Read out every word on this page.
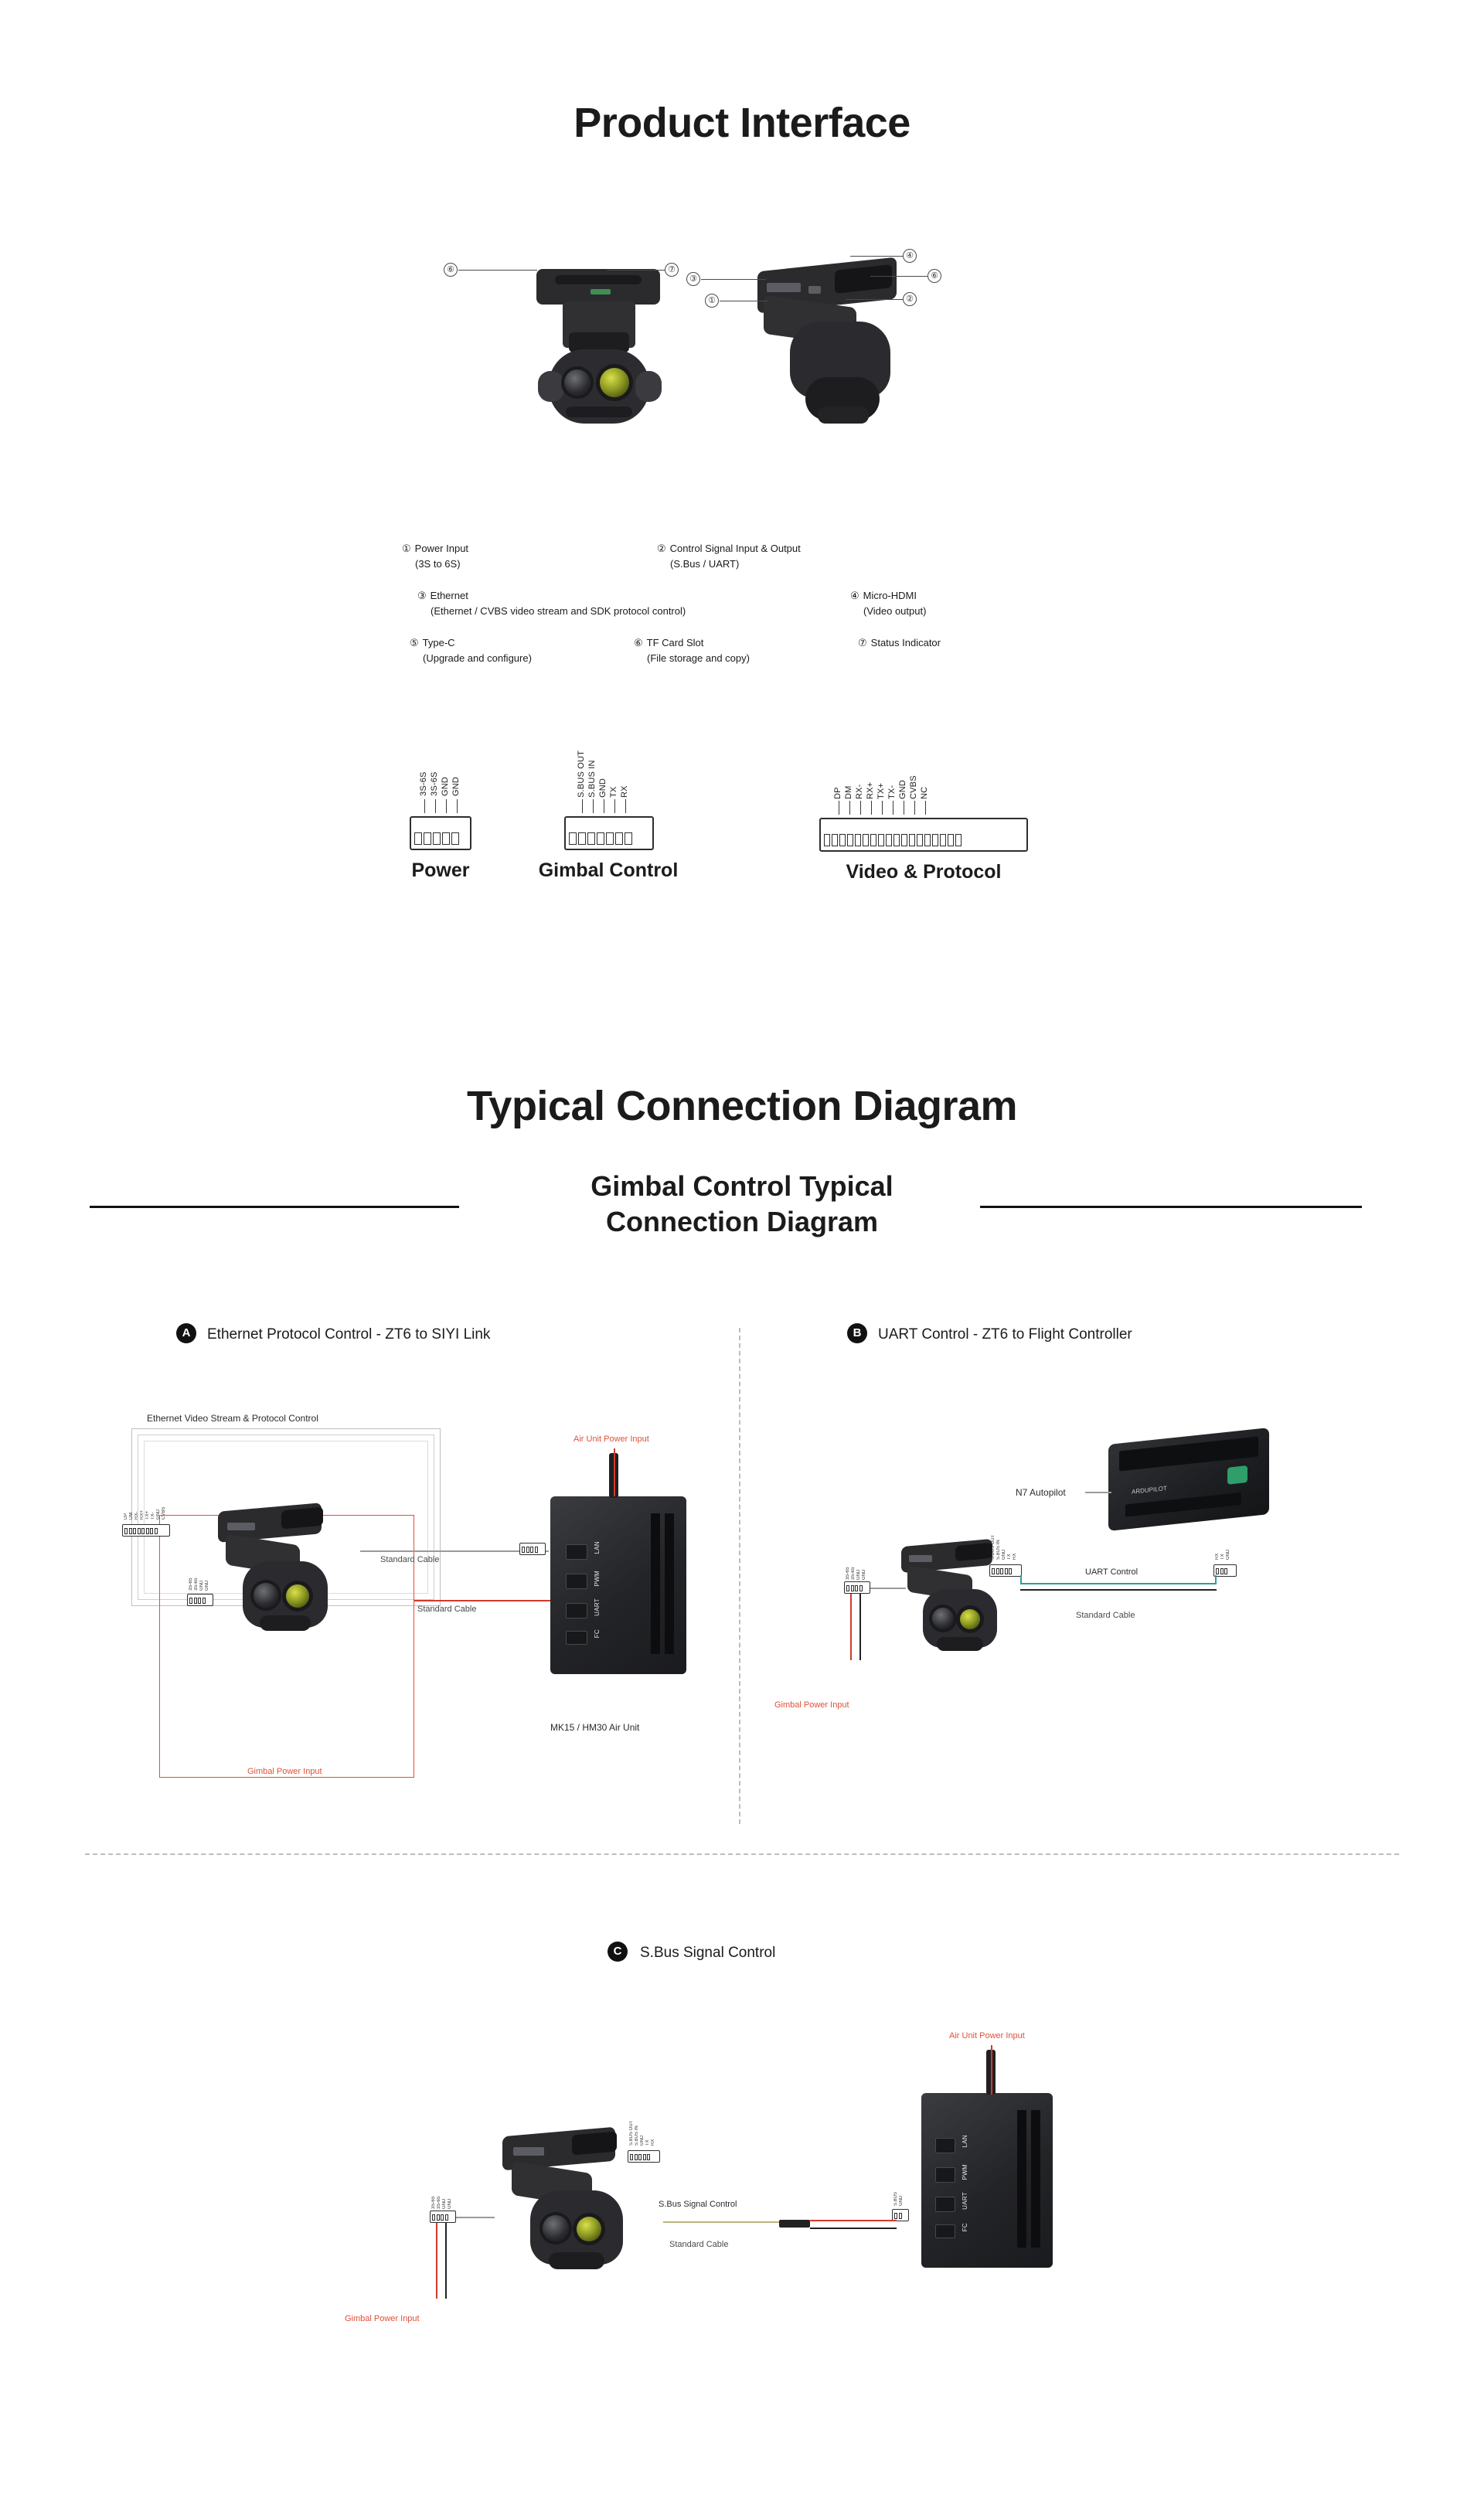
Product Interface
⑥	⑦
③
①
④
⑥
②
① Power Input
(3S to 6S)
② Control Signal Input & Output
(S.Bus / UART)
③ Ethernet
(Ethernet / CVBS video stream and SDK protocol control)
④ Micro-HDMI
(Video output)
⑤ Type-C
(Upgrade and configure)
⑥ TF Card Slot
(File storage and copy)
⑦ Status Indicator
3S-6S 3S-6S GND GND
Power
S.BUS OUT S.BUS IN GND TX RX
Gimbal Control
DP DM RX- RX+ TX+ TX- GND CVBS NC
Video & Protocol
Typical Connection Diagram
Gimbal Control Typical
Connection Diagram
A	Ethernet Protocol Control - ZT6 to SIYI Link
Ethernet Video Stream & Protocol Control
DP DM RX- RX+ TX+ TX- GND CVBS
3S-6S 3S-6S GND GND
LAN
PWM
UART
FC
Air Unit Power Input
Standard Cable
Standard Cable
Gimbal Power Input
MK15 / HM30 Air Unit
B	UART Control - ZT6 to Flight Controller
ARDUPILOT
N7 Autopilot
S.BUS OUT S.BUS IN GND TX RX	RX TX GND
UART Control
Standard Cable
3S-6S 3S-6S GND GND
Gimbal Power Input
C	S.Bus Signal Control
S.BUS OUT S.BUS IN GND TX RX
S.BUS GND
S.Bus Signal Control
Standard Cable
LAN
PWM
UART
FC
Air Unit Power Input
3S-6S 3S-6S GND GND
Gimbal Power Input
